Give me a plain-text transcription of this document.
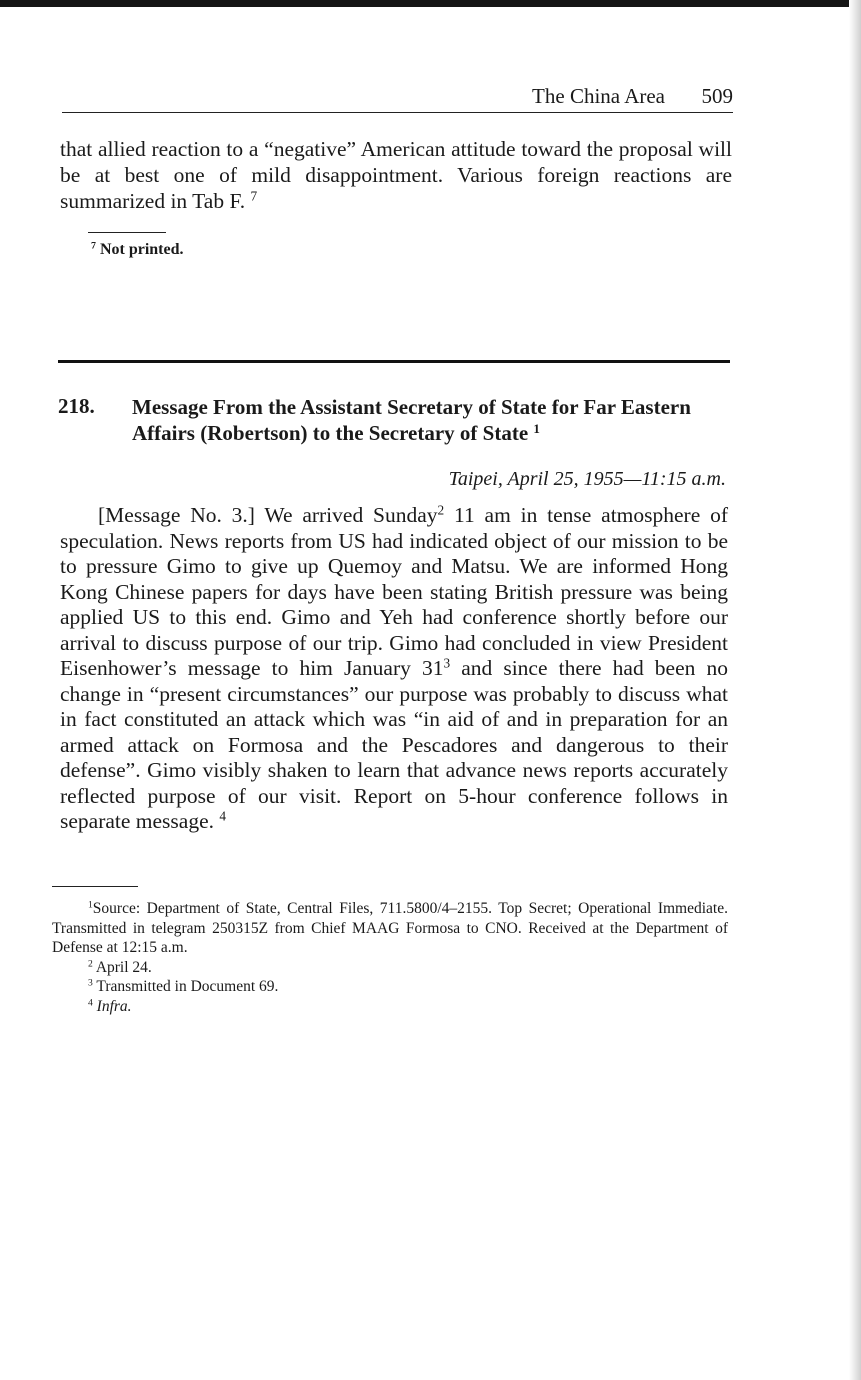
The China Area 509

that allied reaction to a “negative” American attitude toward the proposal will be at best one of mild disappointment. Various foreign reactions are summarized in Tab F. $^7$

$^7$ Not printed.
218. Message From the Assistant Secretary of State for Far Eastern Affairs (Robertson) to the Secretary of State $^1$

Taipei, April 25, 1955—11:15 a.m.

[Message No. 3.] We arrived Sunday$^2$ 11 am in tense atmosphere of speculation. News reports from US had indicated object of our mission to be to pressure Gimo to give up Quemoy and Matsu. We are informed Hong Kong Chinese papers for days have been stating British pressure was being applied US to this end. Gimo and Yeh had conference shortly before our arrival to discuss purpose of our trip. Gimo had concluded in view President Eisenhower’s message to him January $31^3$ and since there had been no change in “present circumstances” our purpose was probably to discuss what in fact constituted an attack which was “in aid of and in preparation for an armed attack on Formosa and the Pescadores and dangerous to their defense”. Gimo visibly shaken to learn that advance news reports accurately reflected purpose of our visit. Report on 5-hour conference follows in separate message. $^4$

$^1$Source: Department of State, Central Files, 711.5800/4–2155. Top Secret; Operational Immediate. Transmitted in telegram 250315Z from Chief MAAG Formosa to CNO. Received at the Department of Defense at 12:15 a.m.

$^2$ April 24.

$^3$ Transmitted in Document 69.

$^4$ Infra.
